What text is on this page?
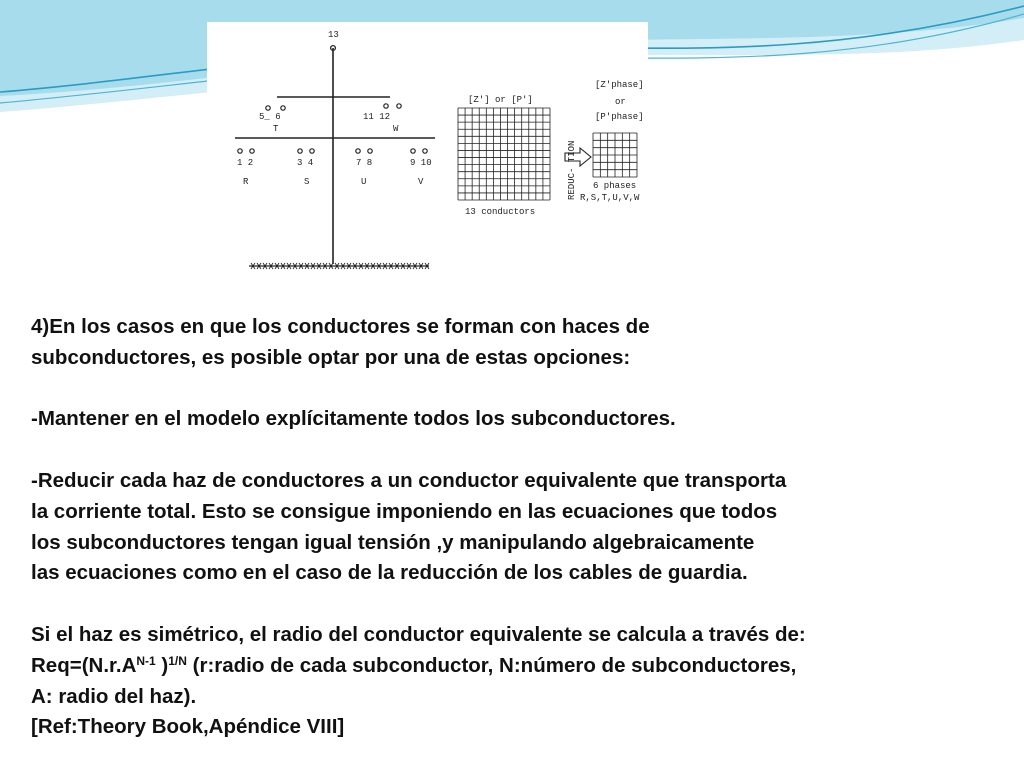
13
5_ 6
T
11 12
W
1 2
R
3 4
S
7 8
U
9 10
V
[Z'] or [P']
13 conductors
REDUC- TION
[Z'phase]
or
[P'phase]
6 phases
R,S,T,U,V,W
4)En los casos en que los conductores se forman con haces de
subconductores, es posible optar por una de estas opciones:
-Mantener en el modelo explícitamente todos los subconductores.
-Reducir cada haz de conductores a un conductor equivalente que transporta
la corriente total. Esto se consigue imponiendo en las ecuaciones que todos
los subconductores tengan igual tensión ,y manipulando algebraicamente
las ecuaciones como en el caso de la reducción de los cables de guardia.
Si el haz es simétrico, el radio del conductor equivalente se calcula a través de:
$Req=(N.r.A^{N-1}$ )$^{1/N}$ (r:radio de cada subconductor, N:número de subconductores,
A: radio del haz).
[Ref:Theory Book,Apéndice VIII]
